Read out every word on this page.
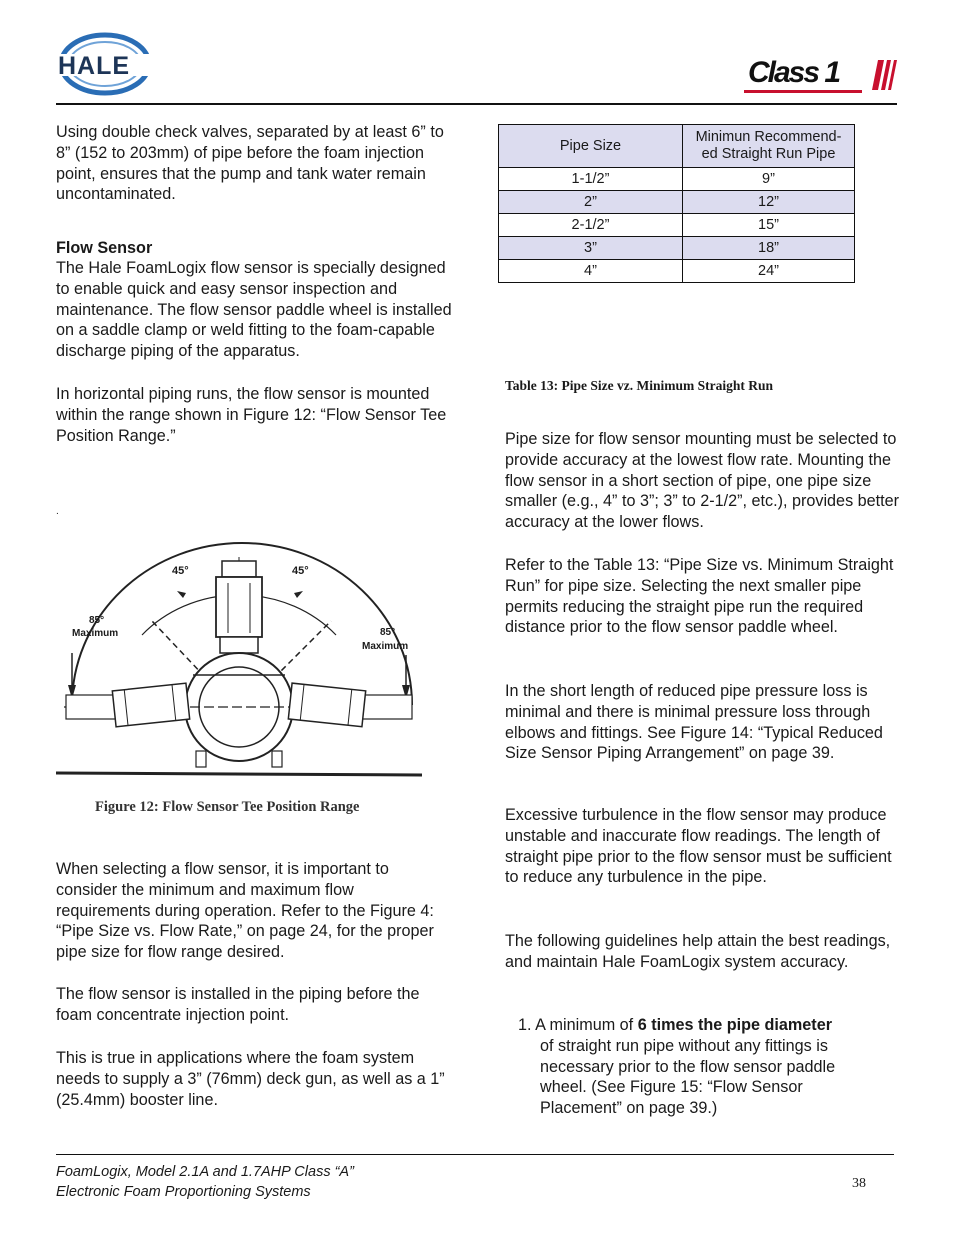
HALE	Class 1

Using double check valves, separated by at least 6” to 8” (152 to 203mm) of pipe before the foam injection point, ensures that the pump and tank water remain uncontaminated.

Flow Sensor

The Hale FoamLogix flow sensor is specially designed to enable quick and easy sensor inspection and maintenance. The flow sensor paddle wheel is installed on a saddle clamp or weld fitting to the foam-capable discharge piping of the apparatus.

In horizontal piping runs, the flow sensor is mounted within the range shown in Figure 12: “Flow Sensor Tee Position Range.”

.
45°	45°
85°
Maximum	85°
Maximum
Figure 12: Flow Sensor Tee Position Range

When selecting a flow sensor, it is important to consider the minimum and maximum flow requirements during operation. Refer to the Figure 4: “Pipe Size vs. Flow Rate,” on page 24, for the proper pipe size for flow range desired.

The flow sensor is installed in the piping before the foam concentrate injection point.

This is true in applications where the foam system needs to supply a 3” (76mm) deck gun, as well as a 1” (25.4mm) booster line.

Pipe Size	Minimun Recommend-ed Straight Run Pipe
1-1/2”	9”
2”	12”
2-1/2”	15”
3”	18”
4”	24”
Table 13: Pipe Size vz. Minimum Straight Run

Pipe size for flow sensor mounting must be selected to provide accuracy at the lowest flow rate. Mounting the flow sensor in a short section of pipe, one pipe size smaller (e.g., 4” to 3”; 3” to 2-1/2”, etc.), provides better accuracy at the lower flows.

Refer to the Table 13: “Pipe Size vs. Minimum Straight Run” for pipe size. Selecting the next smaller pipe permits reducing the straight pipe run the required distance prior to the flow sensor paddle wheel.

In the short length of reduced pipe pressure loss is minimal and there is minimal pressure loss through elbows and fittings. See Figure 14: “Typical Reduced Size Sensor Piping Arrangement” on page 39.

Excessive turbulence in the flow sensor may produce unstable and inaccurate flow readings. The length of straight pipe prior to the flow sensor must be sufficient to reduce any turbulence in the pipe.

The following guidelines help attain the best readings, and maintain Hale FoamLogix system accuracy.

1. A minimum of 6 times the pipe diameter
of straight run pipe without any fittings is necessary prior to the flow sensor paddle wheel. (See Figure 15: “Flow Sensor Placement” on page 39.)
FoamLogix, Model 2.1A and 1.7AHP Class “A”
Electronic Foam Proportioning Systems
38
